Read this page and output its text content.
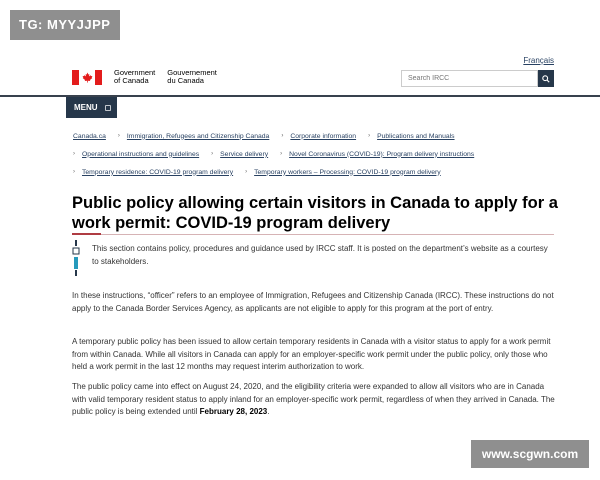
TG: MYYJJPP
Français
Government
of Canada
Gouvernement
du Canada
Search IRCC
MENU
Canada.ca › Immigration, Refugees and Citizenship Canada › Corporate information › Publications and Manuals
› Operational instructions and guidelines › Service delivery › Novel Coronavirus (COVID-19): Program delivery instructions
› Temporary residence: COVID-19 program delivery › Temporary workers – Processing: COVID-19 program delivery
Public policy allowing certain visitors in Canada to apply for a work permit: COVID-19 program delivery
This section contains policy, procedures and guidance used by IRCC staff. It is posted on the department’s website as a courtesy to stakeholders.

In these instructions, “officer” refers to an employee of Immigration, Refugees and Citizenship Canada (IRCC). These instructions do not apply to the Canada Border Services Agency, as applicants are not eligible to apply for this program at the port of entry.

A temporary public policy has been issued to allow certain temporary residents in Canada with a visitor status to apply for a work permit from within Canada. While all visitors in Canada can apply for an employer-specific work permit under the public policy, only those who held a work permit in the last 12 months may request interim authorization to work.

The public policy came into effect on August 24, 2020, and the eligibility criteria were expanded to allow all visitors who are in Canada with valid temporary resident status to apply inland for an employer-specific work permit, regardless of when they arrived in Canada. The public policy is being extended until February 28, 2023.

www.scgwn.com
